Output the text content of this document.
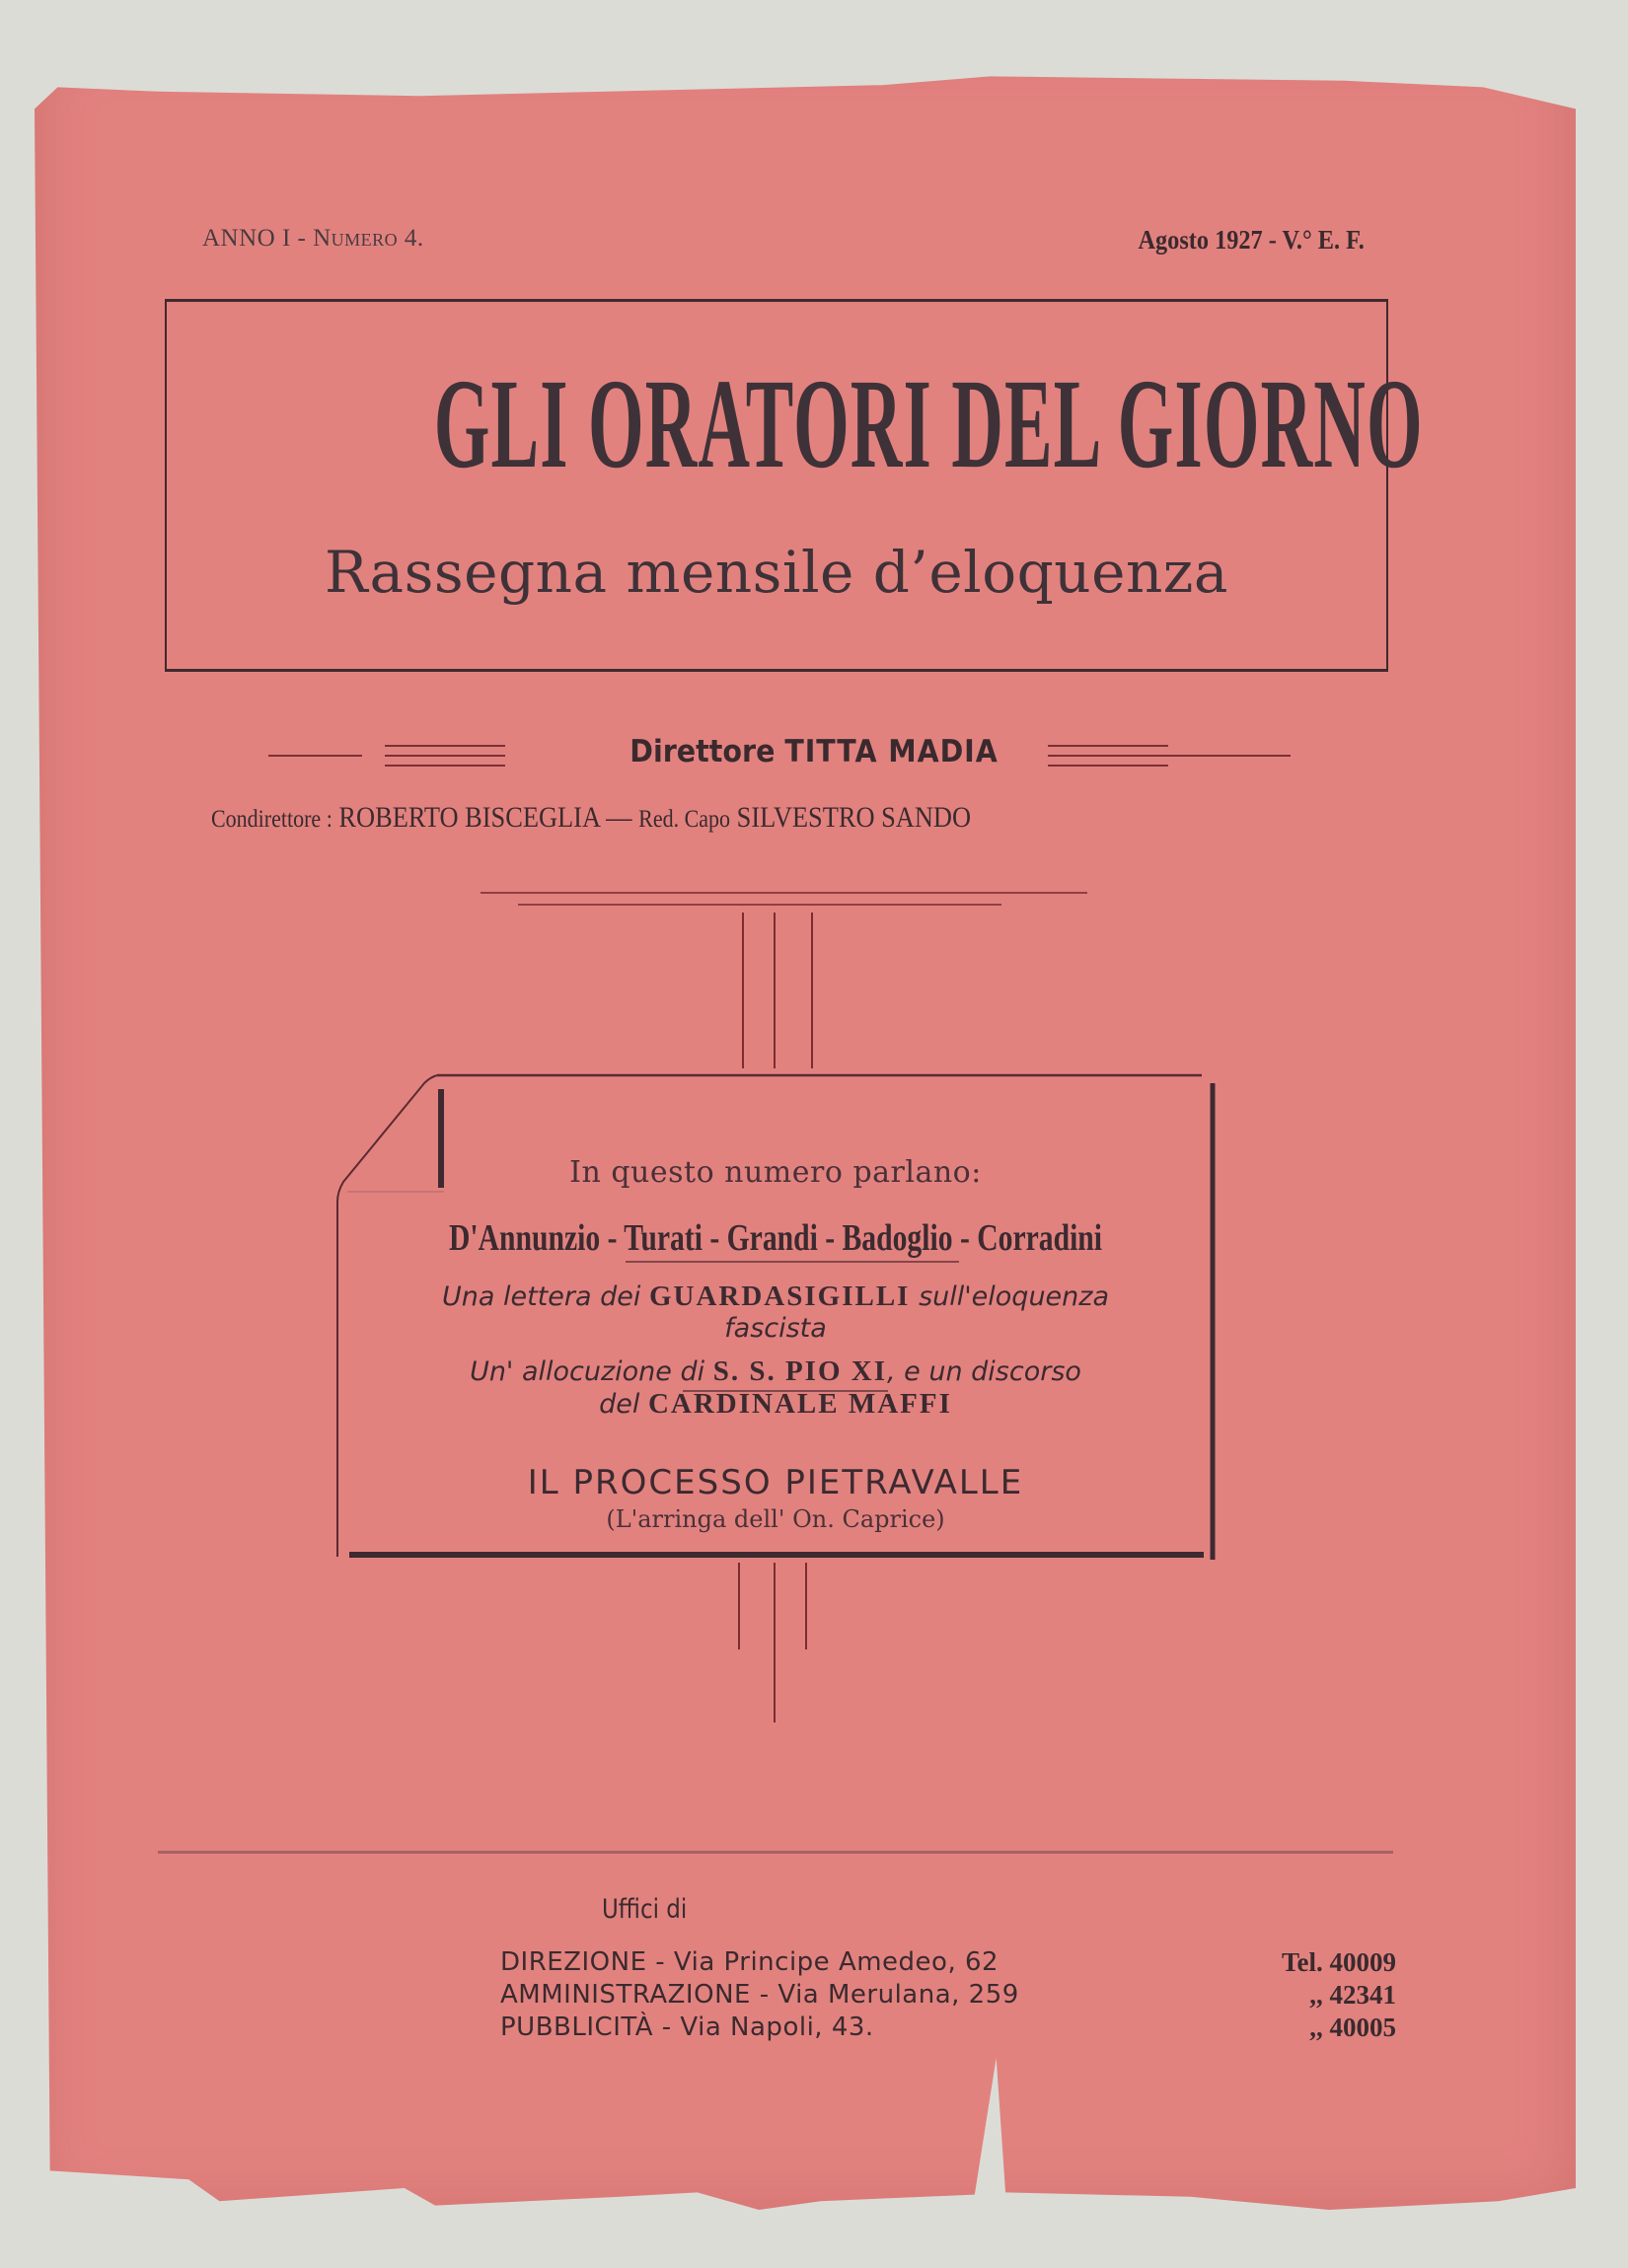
ANNO I - Numero 4.	Agosto 1927 - V.° E. F.
GLI ORATORI DEL GIORNO
Rassegna mensile d’eloquenza
Direttore TITTA MADIA
Condirettore : ROBERTO BISCEGLIA — Red. Capo SILVESTRO SANDO
In questo numero parlano:
D'Annunzio - Turati - Grandi - Badoglio - Corradini
Una lettera dei GUARDASIGILLI sull'eloquenza
fascista
Un' allocuzione di S. S. PIO XI, e un discorso
del CARDINALE MAFFI
IL PROCESSO PIETRAVALLE
(L'arringa dell' On. Caprice)
Uffici di
DIREZIONE - Via Principe Amedeo, 62	Tel. 40009
AMMINISTRAZIONE - Via Merulana, 259	,, 42341
PUBBLICITÀ - Via Napoli, 43.	,, 40005
